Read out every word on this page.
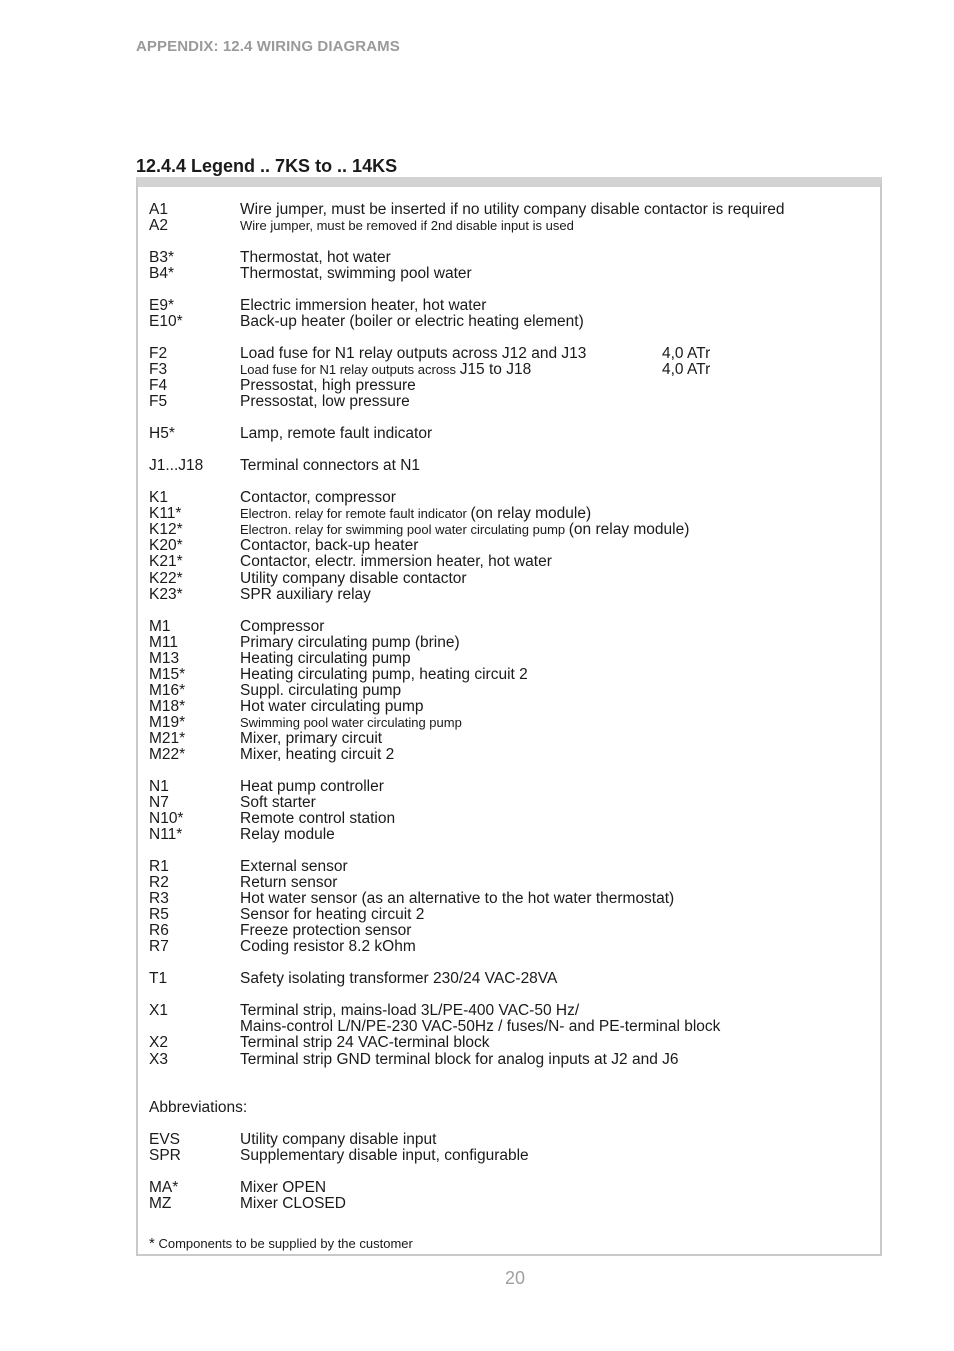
APPENDIX: 12.4 WIRING DIAGRAMS
12.4.4 Legend .. 7KS to .. 14KS
A1	Wire jumper, must be inserted if no utility company disable contactor is required
A2	Wire jumper, must be removed if 2nd disable input is used
B3*	Thermostat, hot water
B4*	Thermostat, swimming pool water
E9*	Electric immersion heater, hot water
E10*	Back-up heater (boiler or electric heating element)
F2	Load fuse for N1 relay outputs across J12 and J13	4,0 ATr
F3	Load fuse for N1 relay outputs across J15 to J18	4,0 ATr
F4	Pressostat, high pressure
F5	Pressostat, low pressure
H5*	Lamp, remote fault indicator
J1...J18 Terminal connectors at N1
K1	Contactor, compressor
K11*	Electron. relay for remote fault indicator (on relay module)
K12*	Electron. relay for swimming pool water circulating pump (on relay module)
K20*	Contactor, back-up heater
K21*	Contactor, electr. immersion heater, hot water
K22*	Utility company disable contactor
K23*	SPR auxiliary relay
M1	Compressor
M11	Primary circulating pump (brine)
M13	Heating circulating pump
M15*	Heating circulating pump, heating circuit 2
M16*	Suppl. circulating pump
M18*	Hot water circulating pump
M19*	Swimming pool water circulating pump
M21*	Mixer, primary circuit
M22*	Mixer, heating circuit 2
N1	Heat pump controller
N7	Soft starter
N10*	Remote control station
N11*	Relay module
R1	External sensor
R2	Return sensor
R3	Hot water sensor (as an alternative to the hot water thermostat)
R5	Sensor for heating circuit 2
R6	Freeze protection sensor
R7	Coding resistor 8.2 kOhm
T1	Safety isolating transformer 230/24 VAC-28VA
X1	Terminal strip, mains-load 3L/PE-400 VAC-50 Hz/
Mains-control L/N/PE-230 VAC-50Hz / fuses/N- and PE-terminal block
X2	Terminal strip 24 VAC-terminal block
X3	Terminal strip GND terminal block for analog inputs at J2 and J6
Abbreviations:
EVS	Utility company disable input
SPR	Supplementary disable input, configurable
MA*	Mixer OPEN
MZ	Mixer CLOSED
* Components to be supplied by the customer
20
